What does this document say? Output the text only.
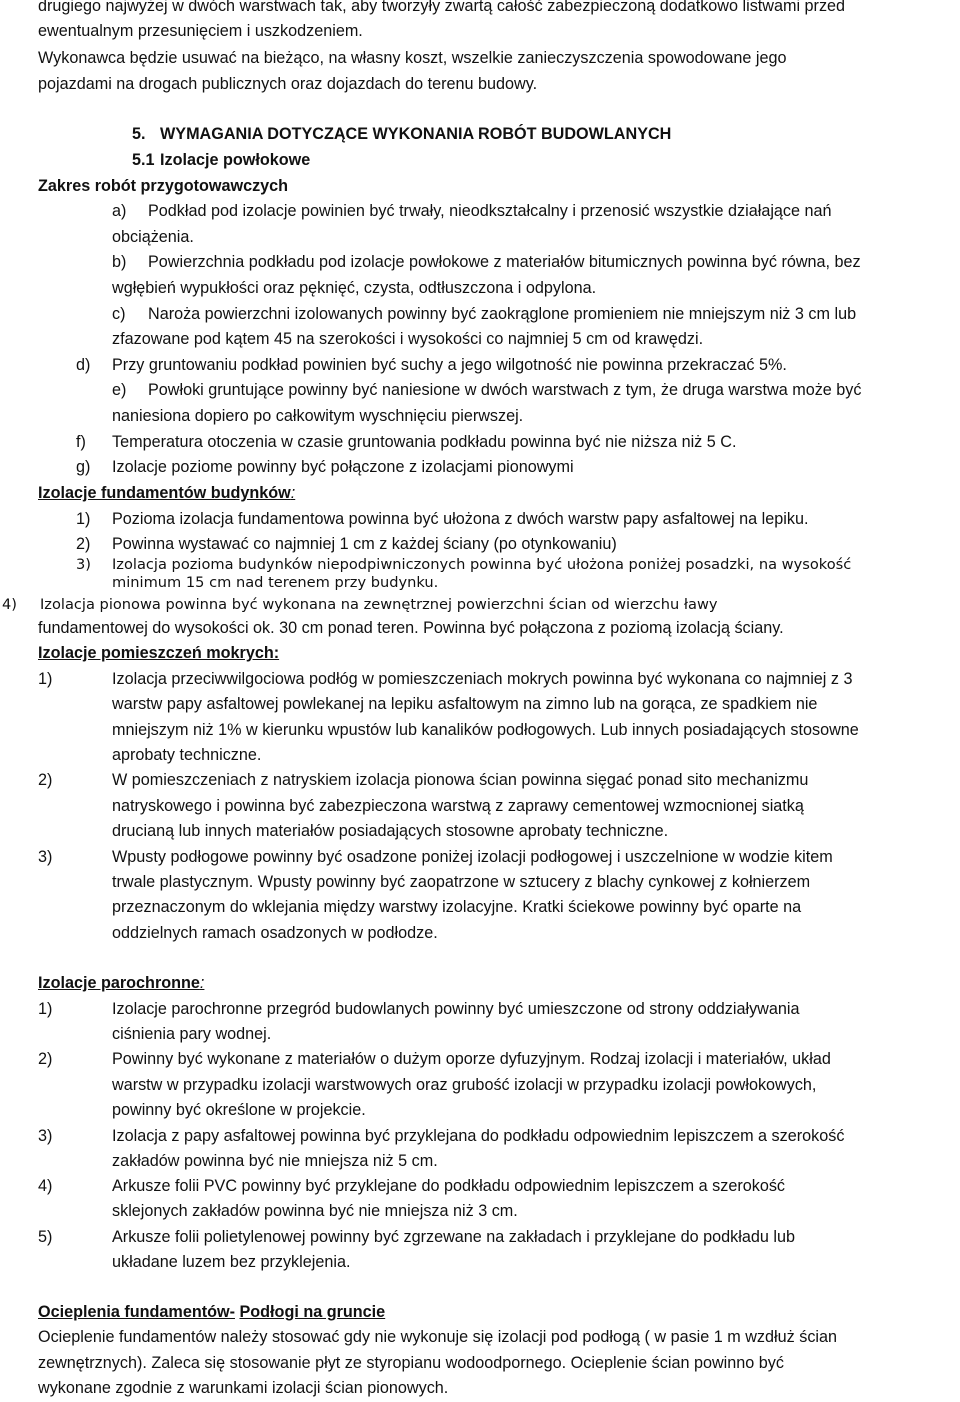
drugiego najwyżej w dwóch warstwach tak, aby tworzyły zwartą całość zabezpieczoną dodatkowo listwami przed
ewentualnym przesunięciem i uszkodzeniem.
Wykonawca będzie usuwać na bieżąco, na własny koszt, wszelkie zanieczyszczenia spowodowane jego
pojazdami na drogach publicznych oraz dojazdach do terenu budowy.
5. WYMAGANIA DOTYCZĄCE WYKONANIA ROBÓT BUDOWLANYCH
5.1 Izolacje powłokowe
Zakres robót przygotowawczych
a) Podkład pod izolacje powinien być trwały, nieodkształcalny i przenosić wszystkie działające nań
obciążenia.
b) Powierzchnia podkładu pod izolacje powłokowe z materiałów bitumicznych powinna być równa, bez
wgłębień wypukłości oraz pęknięć, czysta, odtłuszczona i odpylona.
c) Naroża powierzchni izolowanych powinny być zaokrąglone promieniem nie mniejszym niż 3 cm lub
zfazowane pod kątem 45 na szerokości i wysokości co najmniej 5 cm od krawędzi.
d) Przy gruntowaniu podkład powinien być suchy a jego wilgotność nie powinna przekraczać 5%.
e) Powłoki gruntujące powinny być naniesione w dwóch warstwach z tym, że druga warstwa może być
naniesiona dopiero po całkowitym wyschnięciu pierwszej.
f) Temperatura otoczenia w czasie gruntowania podkładu powinna być nie niższa niż 5 C.
g) Izolacje poziome powinny być połączone z izolacjami pionowymi
Izolacje fundamentów budynków:
1) Pozioma izolacja fundamentowa powinna być ułożona z dwóch warstw papy asfaltowej na lepiku.
2) Powinna wystawać co najmniej 1 cm z każdej ściany (po otynkowaniu)
3) Izolacja pozioma budynków niepodpiwniczonych powinna być ułożona poniżej posadzki, na wysokość
minimum 15 cm nad terenem przy budynku.
4) Izolacja pionowa powinna być wykonana na zewnętrznej powierzchni ścian od wierzchu ławy
fundamentowej do wysokości ok. 30 cm ponad teren. Powinna być połączona z poziomą izolacją ściany.
Izolacje pomieszczeń mokrych:
1)	Izolacja przeciwwilgociowa podłóg w pomieszczeniach mokrych powinna być wykonana co najmniej z 3
warstw papy asfaltowej powlekanej na lepiku asfaltowym na zimno lub na gorąca, ze spadkiem nie
mniejszym niż 1% w kierunku wpustów lub kanalików podłogowych. Lub innych posiadających stosowne
aprobaty techniczne.
2)	W pomieszczeniach z natryskiem izolacja pionowa ścian powinna sięgać ponad sito mechanizmu
natryskowego i powinna być zabezpieczona warstwą z zaprawy cementowej wzmocnionej siatką
drucianą lub innych materiałów posiadających stosowne aprobaty techniczne.
3)	Wpusty podłogowe powinny być osadzone poniżej izolacji podłogowej i uszczelnione w wodzie kitem
trwale plastycznym. Wpusty powinny być zaopatrzone w sztucery z blachy cynkowej z kołnierzem
przeznaczonym do wklejania między warstwy izolacyjne. Kratki ściekowe powinny być oparte na
oddzielnych ramach osadzonych w podłodze.
Izolacje parochronne:
1)	Izolacje parochronne przegród budowlanych powinny być umieszczone od strony oddziaływania
ciśnienia pary wodnej.
2)	Powinny być wykonane z materiałów o dużym oporze dyfuzyjnym. Rodzaj izolacji i materiałów, układ
warstw w przypadku izolacji warstwowych oraz grubość izolacji w przypadku izolacji powłokowych,
powinny być określone w projekcie.
3)	Izolacja z papy asfaltowej powinna być przyklejana do podkładu odpowiednim lepiszczem a szerokość
zakładów powinna być nie mniejsza niż 5 cm.
4)	Arkusze folii PVC powinny być przyklejane do podkładu odpowiednim lepiszczem a szerokość
sklejonych zakładów powinna być nie mniejsza niż 3 cm.
5)	Arkusze folii polietylenowej powinny być zgrzewane na zakładach i przyklejane do podkładu lub
układane luzem bez przyklejenia.
Ocieplenia fundamentów- Podłogi na gruncie
Ocieplenie fundamentów należy stosować gdy nie wykonuje się izolacji pod podłogą ( w pasie 1 m wzdłuż ścian
zewnętrznych). Zaleca się stosowanie płyt ze styropianu wodoodpornego. Ocieplenie ścian powinno być
wykonane zgodnie z warunkami izolacji ścian pionowych.
